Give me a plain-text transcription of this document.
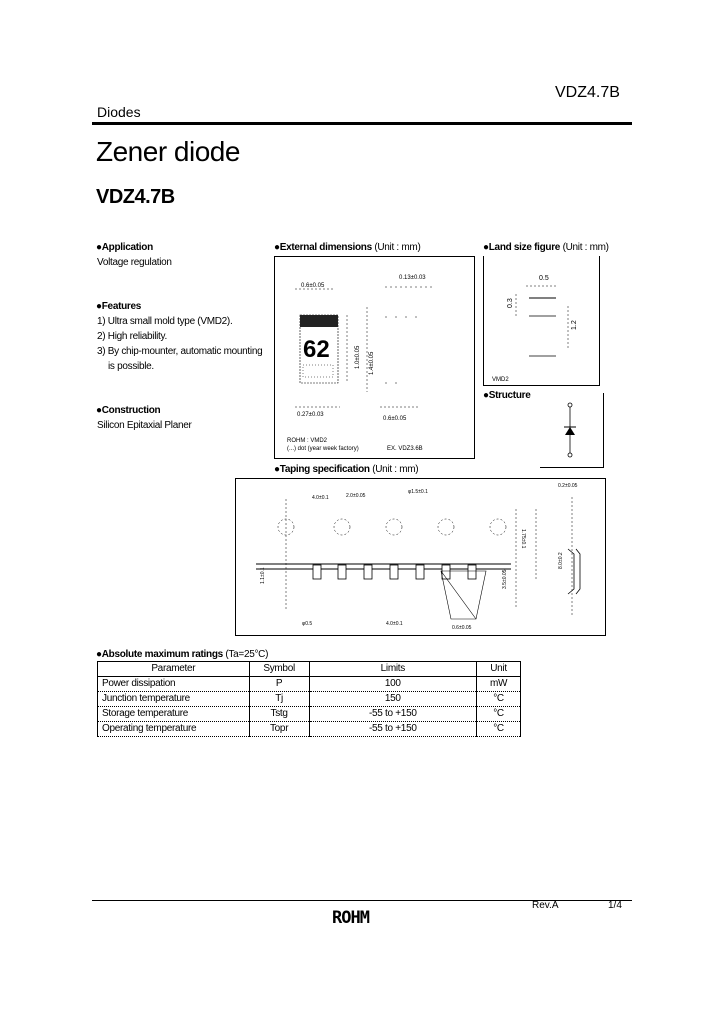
VDZ4.7B
Diodes
Zener diode
VDZ4.7B
●Application
Voltage regulation
●Features
1) Ultra small mold type (VMD2).
2) High reliability.
3) By chip-mounter, automatic mounting
is possible.
●Construction
Silicon Epitaxial Planer
●External dimensions (Unit : mm)
62
0.6±0.05
0.13±0.03
1.0±0.05 1.4±0.05
0.27±0.03
0.6±0.05
ROHM : VMD2
(...) dot (year week factory)	EX. VDZ3.6B
●Land size figure (Unit : mm)
0.5
0.3
1.2
VMD2
●Structure
●Taping specification (Unit : mm)
4.0±0.1	2.0±0.05
φ1.5±0.1
1.75±0.1
3.5±0.05
8.0±0.2
φ0.5
1.1±0.1
4.0±0.1
0.6±0.05
0.2±0.05
●Absolute maximum ratings (Ta=25°C)
Parameter	Symbol	Limits	Unit
Power dissipation	P	100	mW
Junction temperature	Tj	150	°C
Storage temperature	Tstg	-55 to +150	°C
Operating temperature	Topr	-55 to +150	°C
Rev.A	1/4
ROHM
